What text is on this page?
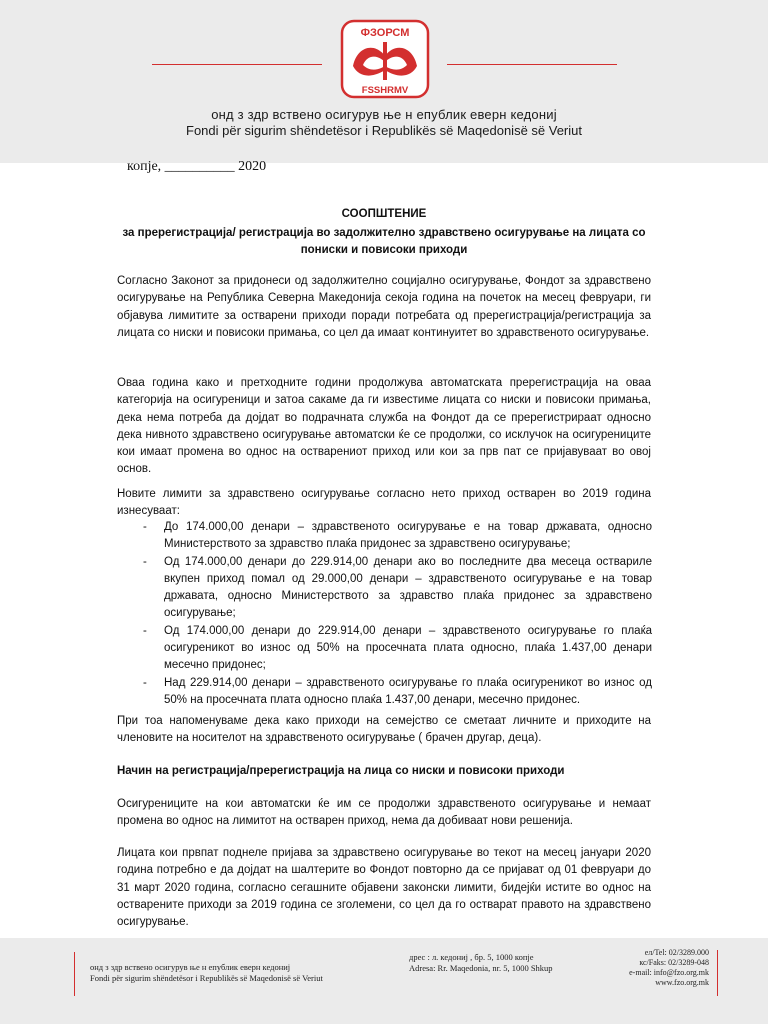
ФЗОРСМ
FSSHRMV
онд з здр вствено осигурув ње н епублик еверн кедониј
Fondi për sigurim shëndetësor i Republikës së Maqedonisë së Veriut
копје, __________ 2020
СООПШТЕНИЕ
за пререгистрација/ регистрација во задолжително здравствено осигурување на лицата со пониски и повисоки приходи
Согласно Законот за придонеси од задолжително социјално осигурување, Фондот за здравствено осигурување на Република Северна Македонија секоја година на почеток на месец февруари, ги објавува лимитите за остварени приходи поради потребата од пререгистрација/регистрација за лицата со ниски и повисоки примања, со цел да имаат континуитет во здравственото осигурување.
Оваа година како и претходните години продолжува автоматската пререгистрација на оваа категорија на осигуреници и затоа сакаме да ги известиме лицата со ниски и повисоки примања, дека нема потреба да дојдат во подрачната служба на Фондот да се пререгистрираат односно дека нивното здравствено осигурување автоматски ќе се продолжи, со исклучок на осигурениците кои имаат промена во однос на остварениот приход или кои за прв пат се пријавуваат во овој основ.
Новите лимити за здравствено осигурување согласно нето приход остварен во 2019 година изнесуваат:
- До 174.000,00 денари – здравственото осигурување е на товар државата, односно Министерството за здравство плаќа придонес за здравствено осигурување;
- Од 174.000,00 денари до 229.914,00 денари ако во последните два месеца оствариле вкупен приход помал од 29.000,00 денари – здравственото осигурување е на товар државата, односно Министерството за здравство плаќа придонес за здравствено осигурување;
- Од 174.000,00 денари до 229.914,00 денари – здравственото осигурување го плаќа осигуреникот во износ од 50% на просечната плата односно, плаќа 1.437,00 денари месечно придонес;
- Над 229.914,00 денари – здравственото осигурување го плаќа осигуреникот во износ од 50% на просечната плата односно плаќа 1.437,00 денари, месечно придонес.
При тоа напоменуваме дека како приходи на семејство се сметаат личните и приходите на членовите на носителот на здравственото осигурување ( брачен другар, деца).
Начин на регистрација/пререгистрација на лица со ниски и повисоки приходи
Осигурениците на кои автоматски ќе им се продолжи здравственото осигурување и немаат промена во однос на лимитот на остварен приход, нема да добиваат нови решенија.
Лицата кои првпат поднеле пријава за здравствено осигурување во текот на месец јануари 2020 година потребно е да дојдат на шалтерите во Фондот повторно да се пријават од 01 февруари до 31 март 2020 година, согласно сегашните објавени законски лимити, бидејќи истите во однос на остварените приходи за 2019 година се зголемени, со цел да го остварат правото на здравствено осигурување.
онд з здр вствено осигурув ње н епублик еверн кедониј
Fondi për sigurim shëndetësor i Republikës së Maqedonisë së Veriut
дрес : л. кедониј , бр. 5, 1000 копје
Adresa: Rr. Maqedonia, nr. 5, 1000 Shkup
ел/Tel: 02/3289.000
кс/Faks: 02/3289-048
e-mail: info@fzo.org.mk
www.fzo.org.mk
